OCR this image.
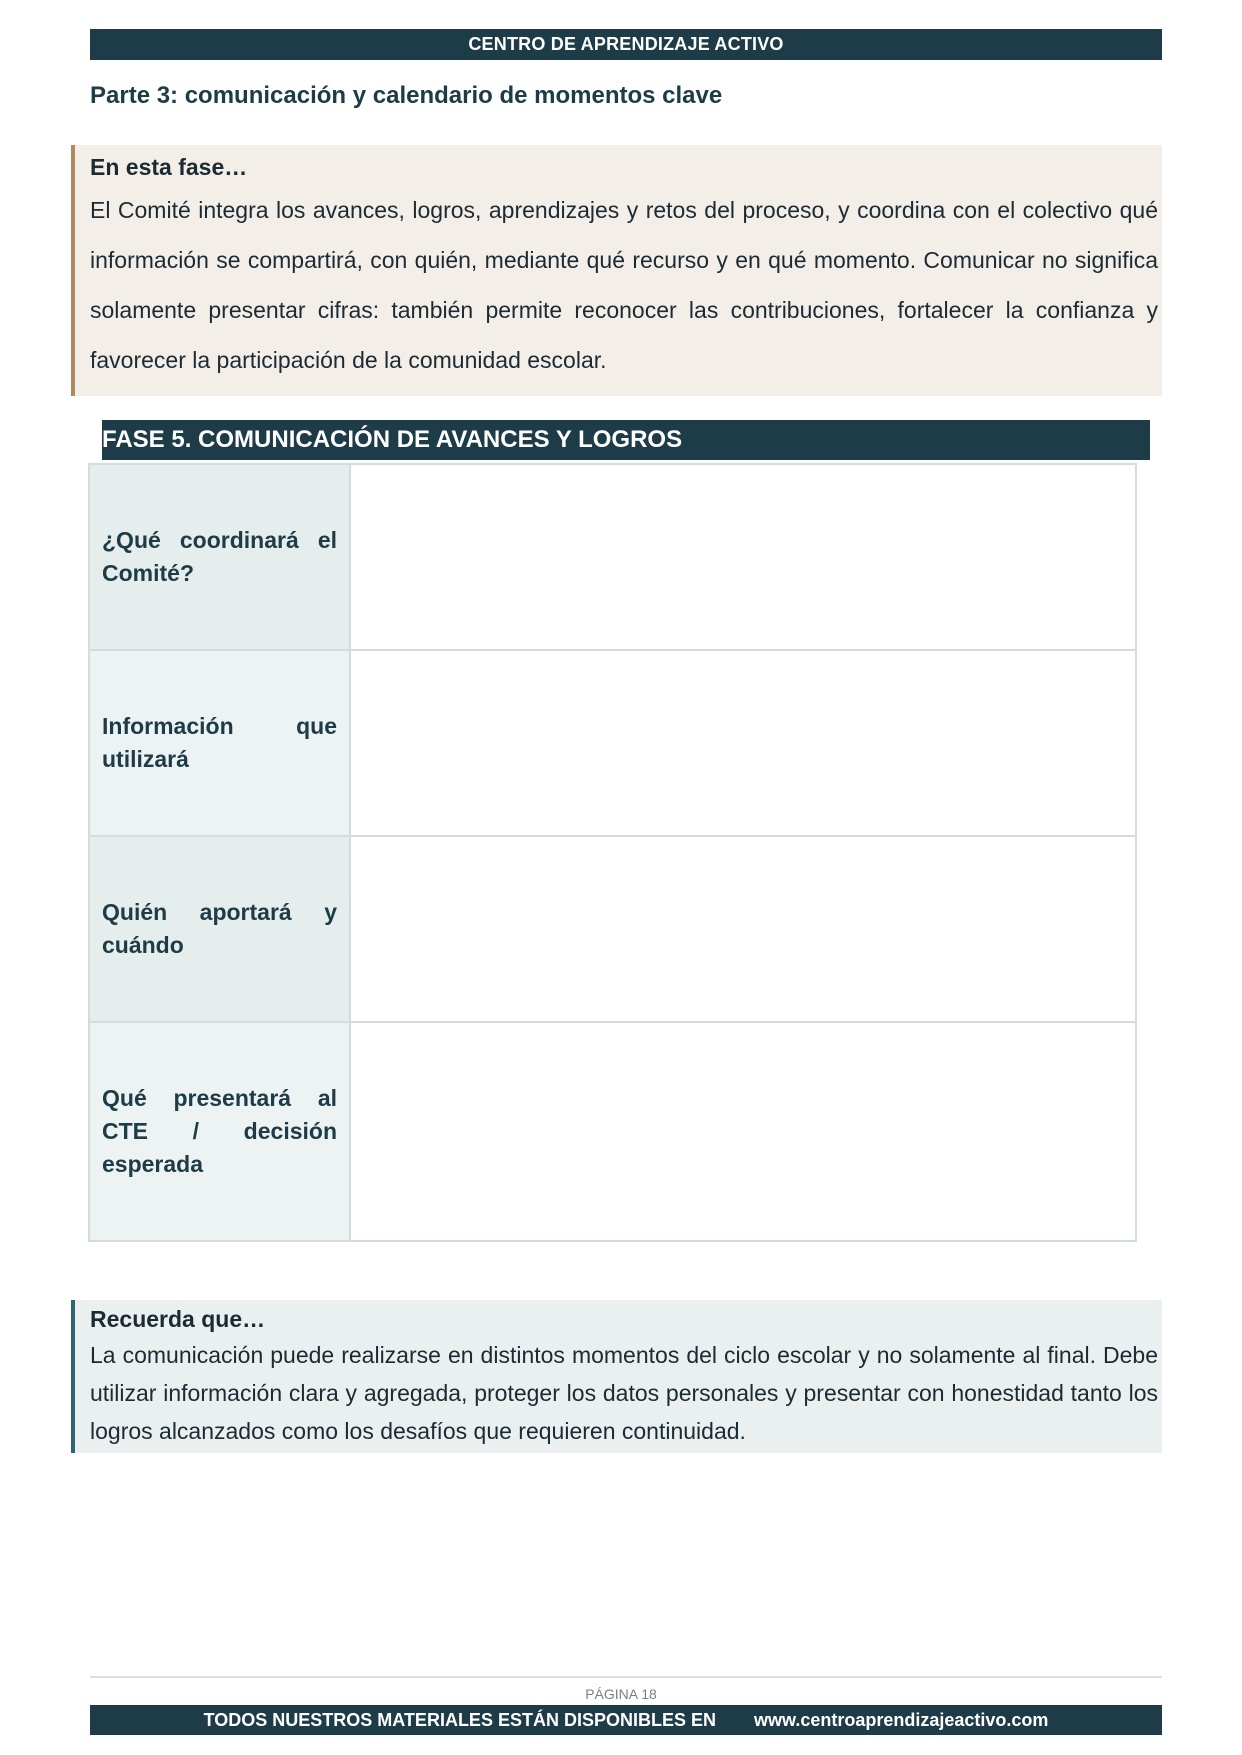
CENTRO DE APRENDIZAJE ACTIVO
Parte 3: comunicación y calendario de momentos clave
En esta fase…
El Comité integra los avances, logros, aprendizajes y retos del proceso, y coordina con el colectivo qué información se compartirá, con quién, mediante qué recurso y en qué momento. Comunicar no significa solamente presentar cifras: también permite reconocer las contribuciones, fortalecer la confianza y favorecer la participación de la comunidad escolar.
FASE 5. COMUNICACIÓN DE AVANCES Y LOGROS
¿Qué coordinará el Comité?	
Información que utilizará	
Quién aportará y cuándo	
Qué presentará al CTE / decisión esperada	
Recuerda que…
La comunicación puede realizarse en distintos momentos del ciclo escolar y no solamente al final. Debe utilizar información clara y agregada, proteger los datos personales y presentar con honestidad tanto los logros alcanzados como los desafíos que requieren continuidad.
PÁGINA 18
TODOS NUESTROS MATERIALES ESTÁN DISPONIBLES EN www.centroaprendizajeactivo.com
